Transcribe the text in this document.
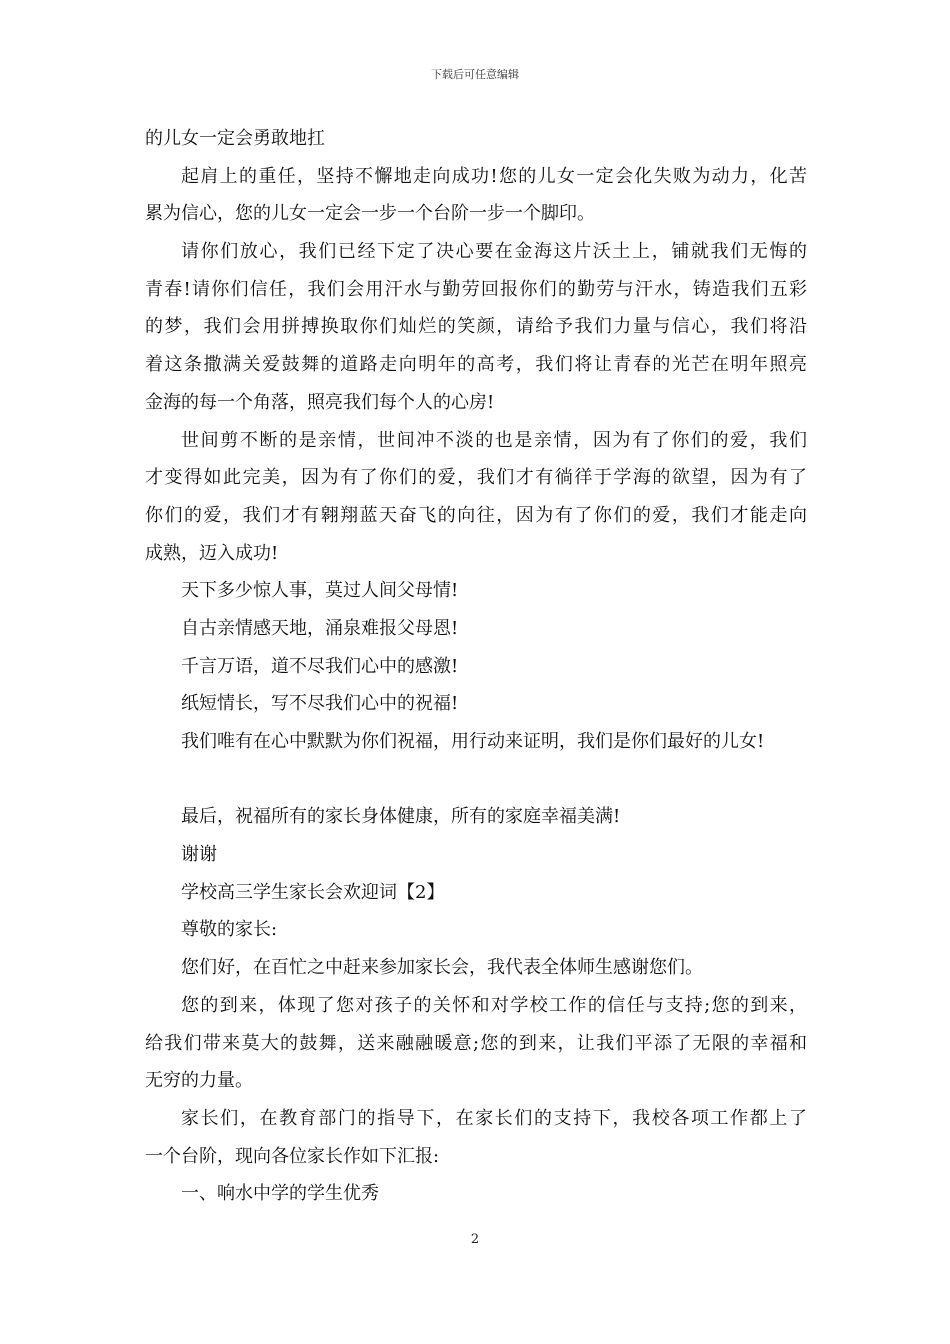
下载后可任意编辑
的儿女一定会勇敢地扛
起肩上的重任，坚持不懈地走向成功!您的儿女一定会化失败为动力，化苦
累为信心，您的儿女一定会一步一个台阶一步一个脚印。
请你们放心，我们已经下定了决心要在金海这片沃土上，铺就我们无悔的
青春!请你们信任，我们会用汗水与勤劳回报你们的勤劳与汗水，铸造我们五彩
的梦，我们会用拼搏换取你们灿烂的笑颜，请给予我们力量与信心，我们将沿
着这条撒满关爱鼓舞的道路走向明年的高考，我们将让青春的光芒在明年照亮
金海的每一个角落，照亮我们每个人的心房!
世间剪不断的是亲情，世间冲不淡的也是亲情，因为有了你们的爱，我们
才变得如此完美，因为有了你们的爱，我们才有徜徉于学海的欲望，因为有了
你们的爱，我们才有翱翔蓝天奋飞的向往，因为有了你们的爱，我们才能走向
成熟，迈入成功!
天下多少惊人事，莫过人间父母情!
自古亲情感天地，涌泉难报父母恩!
千言万语，道不尽我们心中的感激!
纸短情长，写不尽我们心中的祝福!
我们唯有在心中默默为你们祝福，用行动来证明，我们是你们最好的儿女!
最后，祝福所有的家长身体健康，所有的家庭幸福美满!
谢谢
学校高三学生家长会欢迎词【2】
尊敬的家长:
您们好，在百忙之中赶来参加家长会，我代表全体师生感谢您们。
您的到来，体现了您对孩子的关怀和对学校工作的信任与支持;您的到来，
给我们带来莫大的鼓舞，送来融融暖意;您的到来，让我们平添了无限的幸福和
无穷的力量。
家长们，在教育部门的指导下，在家长们的支持下，我校各项工作都上了
一个台阶，现向各位家长作如下汇报:
一、响水中学的学生优秀
2
